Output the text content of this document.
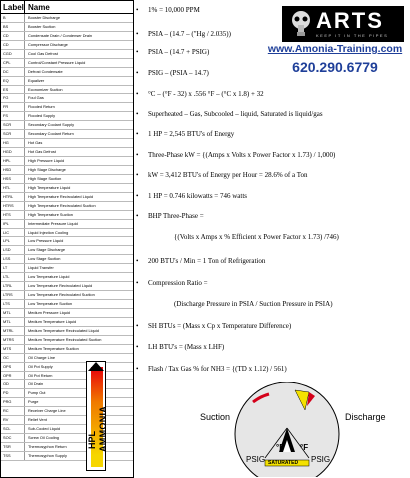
Label Name
B	Booster Discharge
BS	Booster Suction
CD	Condensate Drain / Condenser Drain
CD	Compressor Discharge
CGD	Cool Gas Defrost
CPL	Control/Constant Pressure Liquid
DC	Defrost Condensate
EQ	Equalizer
ES	Economizer Suction
FG	Foul Gas
FR	Flooded Return
FS	Flooded Supply
SCR	Secondary Coolant Supply
SCR	Secondary Coolant Return
HG	Hot Gas
HGD	Hot Gas Defrost
HPL	High Pressure Liquid
HSD	High Stage Discharge
HSS	High Stage Suction
HTL	High Temperature Liquid
HTRL	High Temperature Recirculated Liquid
HTRS	High Temperature Recirculated Suction
HTS	High Temperature Suction
IPL	Intermediate Pressure Liquid
LIC	Liquid Injection Cooling
LPL	Low Pressure Liquid
LSD	Low Stage Discharge
LSS	Low Stage Suction
LT	Liquid Transfer
LTL	Low Temperature Liquid
LTRL	Low Temperature Recirculated Liquid
LTRS	Low Temperature Recirculated Suction
LTS	Low Temperature Suction
MTL	Medium Pressure Liquid
MTL	Medium Temperature Liquid
MTRL	Medium Temperature Recirculated Liquid
MTRS	Medium Temperature Recirculated Suction
MTS	Medium Temperature Suction
OC	Oil Charge Line
OPS	Oil Pot Supply
OPR	Oil Pot Return
OD	Oil Drain
PD	Pump Out
PRG	Purge
RC	Receiver Charge Line
RV	Relief Vent
SCL	Sub-Cooled Liquid
SOC	Screw Oil Cooling
TSR	Thermosyphon Return
TSS	Thermosyphon Supply
HPL AMMONIA
ARTS
KEEP IT IN THE PIPES
www.Amonia-Training.com
620.290.6779
• 1% = 10,000 PPM
• PSIA – (14.7 – ("Hg / 2.035))
• PSIA – (14.7 + PSIG)
• PSIG – (PSIA – 14.7)
• °C – (°F - 32) x .556 °F – (°C x 1.8) + 32
• Superheated – Gas, Subcooled – liquid, Saturated is liquid/gas
• 1 HP = 2,545 BTU's of Energy
• Three-Phase kW = {(Amps x Volts x Power Factor x 1.73) / 1,000)
• kW = 3,412 BTU's of Energy per Hour = 28.6% of a Ton
• 1 HP = 0.746 kilowatts = 746 watts
• BHP Three-Phase =
{(Volts x Amps x % Efficient x Power Factor x 1.73) /746)
• 200 BTU's / Min = 1 Ton of Refrigeration
• Compression Ratio =
(Discharge Pressure in PSIA / Suction Pressure in PSIA)
• SH BTUs = (Mass x Cp x Temperature Difference)
• LH BTU's = (Mass x LHF)
• Flash / Tax Gas % for NH3 = {(TD x 1.12) / 561)
Suction	Discharge
PSIG	PSIG
°F °F
SATURATED
